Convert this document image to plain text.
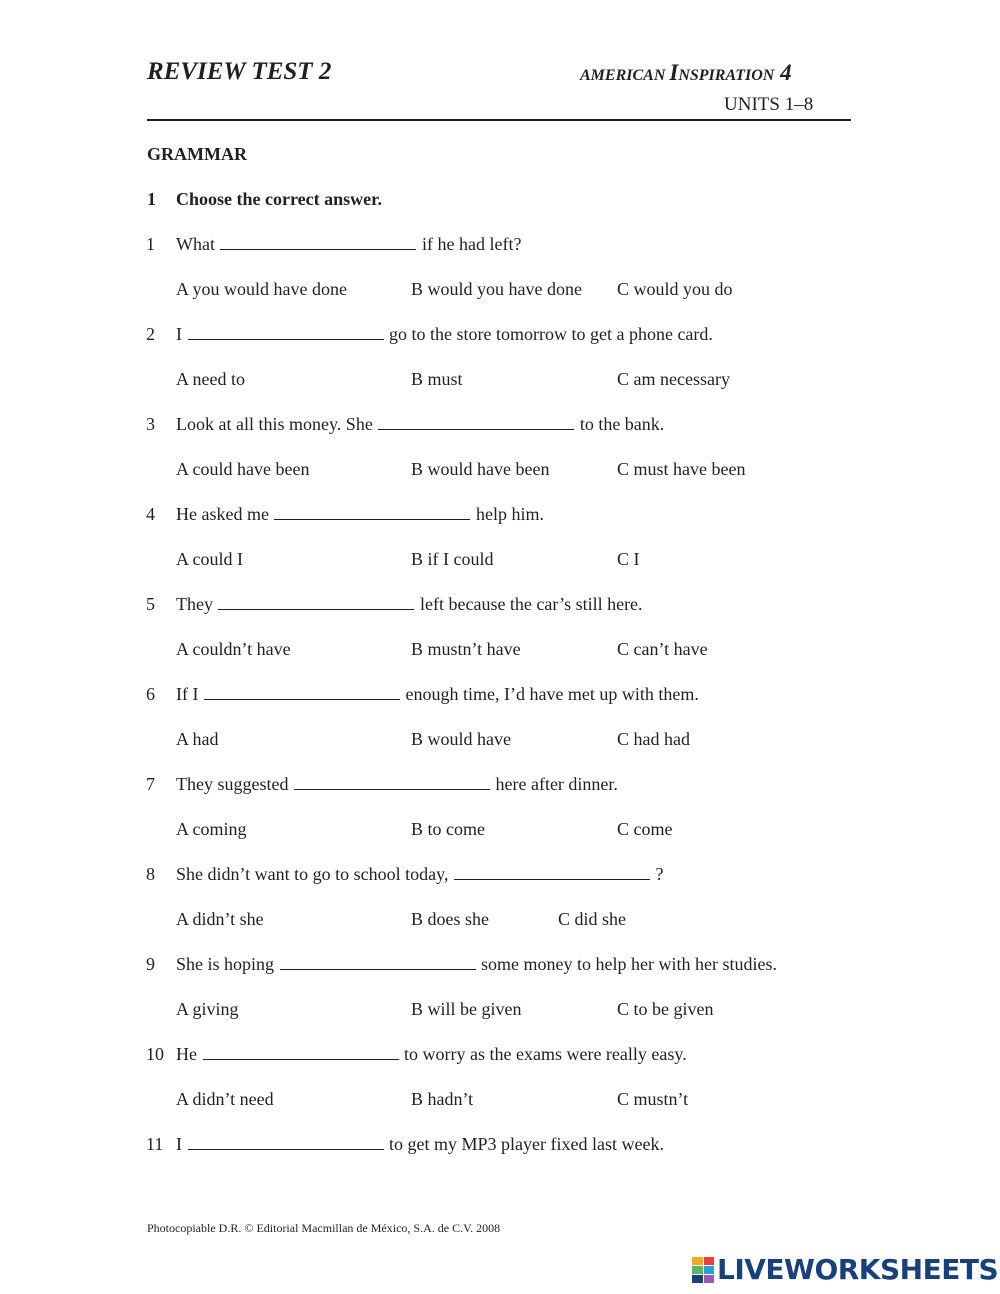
REVIEW TEST 2	AMERICAN INSPIRATION 4
UNITS 1–8
GRAMMAR
1 Choose the correct answer.
1 What	if he had left?
A you would have done	B would you have done C would you do
2 I	go to the store tomorrow to get a phone card.
A need to	B must	C am necessary
3 Look at all this money. She	to the bank.
A could have been	B would have been	C must have been
4 He asked me	help him.
A could I	B if I could	C I
5 They	left because the car’s still here.
A couldn’t have	B mustn’t have	C can’t have
6 If I	enough time, I’d have met up with them.
A had	B would have	C had had
7 They suggested	here after dinner.
A coming	B to come	C come
8 She didn’t want to go to school today,	?
A didn’t she	B does she	C did she
9 She is hoping	some money to help her with her studies.
A giving	B will be given	C to be given
10 He	to worry as the exams were really easy.
A didn’t need	B hadn’t	C mustn’t
11 I	to get my MP3 player fixed last week.
Photocopiable D.R. © Editorial Macmillan de México, S.A. de C.V. 2008
LIVEWORKSHEETS
